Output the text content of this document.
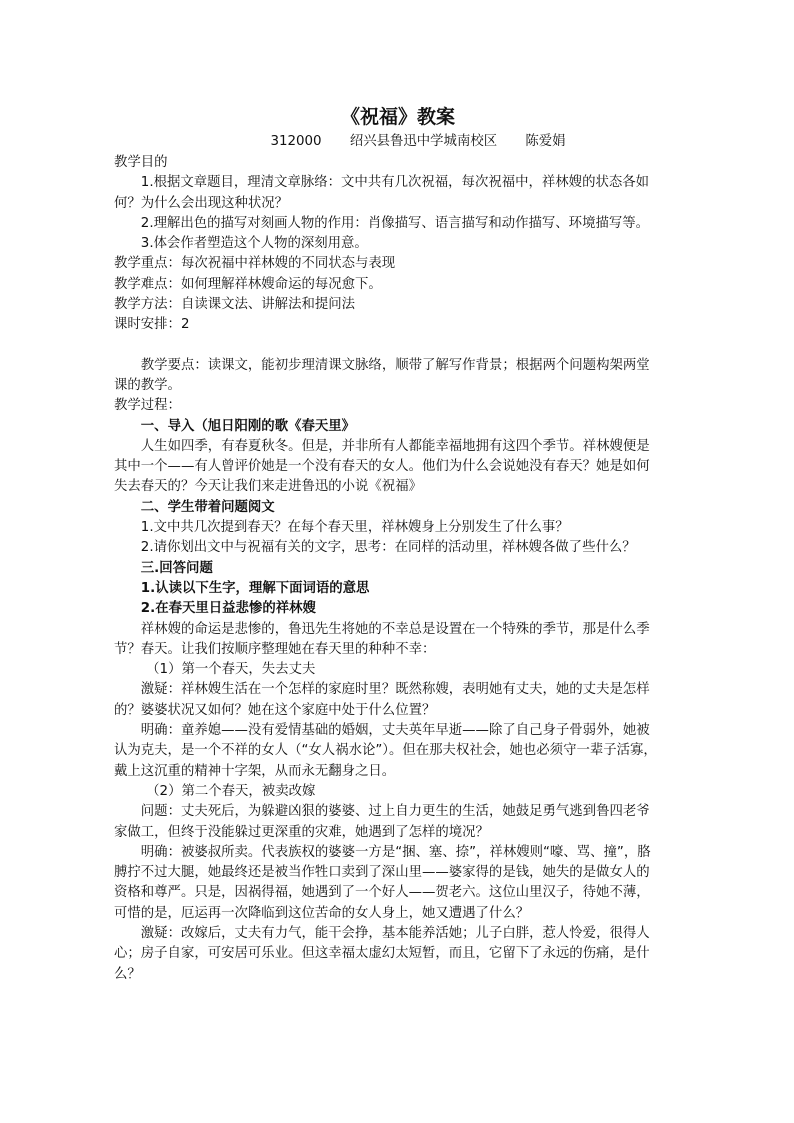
《祝福》教案

312000 绍兴县鲁迅中学城南校区 陈爱娟

教学目的

1.根据文章题目，理清文章脉络：文中共有几次祝福，每次祝福中，祥林嫂的状态各如何？为什么会出现这种状况？

2.理解出色的描写对刻画人物的作用：肖像描写、语言描写和动作描写、环境描写等。

3.体会作者塑造这个人物的深刻用意。

教学重点：每次祝福中祥林嫂的不同状态与表现

教学难点：如何理解祥林嫂命运的每况愈下。

教学方法：自读课文法、讲解法和提问法

课时安排：2

教学要点：读课文，能初步理清课文脉络，顺带了解写作背景；根据两个问题构架两堂课的教学。

教学过程：

一、导入（旭日阳刚的歌《春天里》

人生如四季，有春夏秋冬。但是，并非所有人都能幸福地拥有这四个季节。祥林嫂便是其中一个——有人曾评价她是一个没有春天的女人。他们为什么会说她没有春天？她是如何失去春天的？今天让我们来走进鲁迅的小说《祝福》

二、学生带着问题阅文

1.文中共几次提到春天？在每个春天里，祥林嫂身上分别发生了什么事？

2.请你划出文中与祝福有关的文字，思考：在同样的活动里，祥林嫂各做了些什么？

三.回答问题

1.认读以下生字，理解下面词语的意思

2.在春天里日益悲惨的祥林嫂

祥林嫂的命运是悲惨的，鲁迅先生将她的不幸总是设置在一个特殊的季节，那是什么季节？春天。让我们按顺序整理她在春天里的种种不幸：

（1）第一个春天，失去丈夫

激疑：祥林嫂生活在一个怎样的家庭时里？既然称嫂，表明她有丈夫，她的丈夫是怎样的？婆婆状况又如何？她在这个家庭中处于什么位置？

明确：童养媳——没有爱情基础的婚姻，丈夫英年早逝——除了自己身子骨弱外，她被认为克夫，是一个不祥的女人（“女人祸水论”）。但在那夫权社会，她也必须守一辈子活寡，戴上这沉重的精神十字架，从而永无翻身之日。

（2）第二个春天，被卖改嫁

问题：丈夫死后，为躲避凶狠的婆婆、过上自力更生的生活，她鼓足勇气逃到鲁四老爷家做工，但终于没能躲过更深重的灾难，她遇到了怎样的境况？

明确：被婆叔所卖。代表族权的婆婆一方是“捆、塞、捺”，祥林嫂则“嚎、骂、撞”，胳膊拧不过大腿，她最终还是被当作牲口卖到了深山里——婆家得的是钱，她失的是做女人的资格和尊严。只是，因祸得福，她遇到了一个好人——贺老六。这位山里汉子，待她不薄，可惜的是，厄运再一次降临到这位苦命的女人身上，她又遭遇了什么？

激疑：改嫁后，丈夫有力气，能干会挣，基本能养活她；儿子白胖，惹人怜爱，很得人心；房子自家，可安居可乐业。但这幸福太虚幻太短暂，而且，它留下了永远的伤痛，是什么？
